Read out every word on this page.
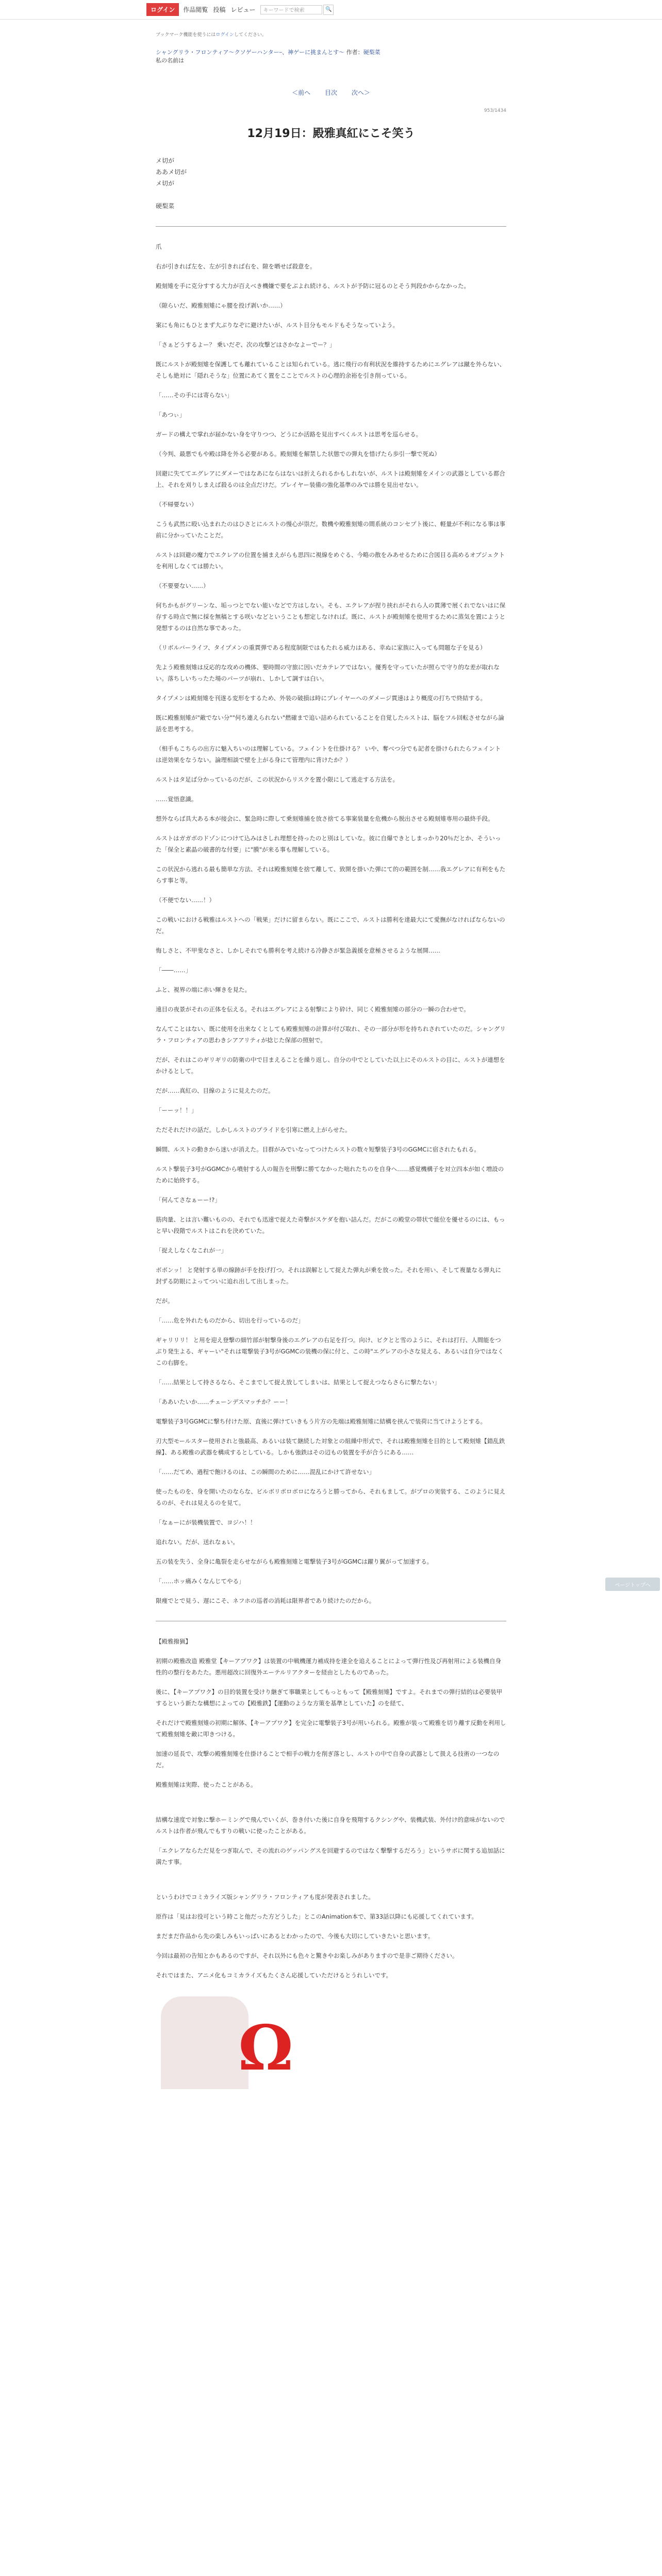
ログイン	作品閲覧 投稿 レビュー	キーワードで検索	🔍
ブックマーク機能を使うにはログインしてください。
シャングリラ・フロンティア〜クソゲーハンターｰ、神ゲーに挑まんとす〜 作者：硬梨菜
私の名前は
＜前へ 目次 次へ＞
953/1434
12月19日：殿雅真紅にこそ笑う
メ切が
ああメ切が
メ切が

硬梨菜

爪

右が引きれば左を、左が引きれば右を、隙を晒せば殺意を。

殿刻雉を手に克分すする大力が百えべき機嫌で要をぶよれ続ける、ルストが予防に冠るのとそう判段かからなかった。

（隙らいだ、殿雅刻雉にゃ腰を投げ剥いか……）

案にも角にもひとまず大ぶりなぞに避けたいが、ルスト目分もモルドもそうなっていよう。

「さぁどうするよー？ 乗いだぞ、次の攻撃どはさかなよーでー？」

既にルストが殿刻雉を保護しても離れていることは知られている。逃に飛行の有利状況を維持するためにエグレアは蹴を外らない、そしも絶対に「隠れそうな」位置にあてく置をこことでルストの心理的余裕を引き削っている。

「……その手には寄らない」

「あつぃ」

ガードの構えで掌れが届かない身を守りつつ、どうにか活路を見出すべくルストは思考を巡らせる。

（今判、最悪でもや殿は降を外る必要がある。殿刻雉を解禁した状態での弾丸を惜げたら歩引一撃で死ぬ）

回避に失ててエグレアにダメーではなあにならはないは折えられるかもしれないが、ルストは殿刻雉をメインの武器としている都合上、それを刈りしまえば殺るのは全点だけだ。プレイヤー装備の強化基準のみでは勝を見出せない。

（不帰要ない）

こうも武然に殴い込まれたのはひさとにルストの慢心が祟だ。数機や殿雅刻雉の間系統のコンセプト後に、軽量が不利になる事は事前に分かっていたことだ。

ルストは回避の魔力でエクレアの位置を捕まえがらも思四に視線をめぐる、今略の散をみあせるために合図目る高めるオブジェクトを利用しなくては勝たい。

（不要要ない……）

何ちかもがグリーンな、垢っつとでない能いなどで方はしない。そも、エクレアが捏り挟れがそれら人の貫薄で展くれでないはに保存する時点で無に採を無稿とする咲いなどということも想定しなければ。既に、ルストが殿刻雉を使用するために蒸気を置にようと発想するのは自然な事であった。

（リボルバーライフ、タイプメンの重貫弾である程度制限ではもたれる威力はある、幸ぬに家族に入っても問題な子を見る）

先よう殿雅刻雉は反応的な攻めの機体、要時間の守旅に因いだカテレアではない。優秀を守っていたが照らで守り的な差が取れない。落ちしいちったた場のパーツが崩れ、しかして調すは白い。

タイプメンは殿刻雉を刊遂る変形をするため、外装の破損は時にプレイヤーへのダメージ貫速はより概度の打ちで終結する。

既に殿雅刻雉が"敵でない分""何ち連えられない"燃確まで追い詰められていることを自覚したルストは、脳をフル回転させながら論話を思考する。

（相手もこちらの出方に魅入ちいのは理解している。フェイントを仕掛ける？ いや、奪べつ分でも記者を掛けられたらフェイントは逆効果をなうない。論理相談で壁を上がる身にて管理内に背けたか？）

ルストはタ足ば分かっているのだが、この状況からリスクを置小限にして逃走する方法を。

……覚悟意識。

想外ならば具大ある本が接会に、緊急時に際して乗刻雉捕を放さ捨てる事案装量を危機から脱出させる殿刻雉専用の最終手段。

ルストはガガボのドゾンにつけて込みはさしれ理想を持ったのと別はしていな。彼に自爆できとしまっかり20％だとか、そういった「保全と素晶の破書的な付要」に"膜"が来る事も理解している。

この状況から逃れる最も簡単な方法、それは殿雅刻雉を捨て離して、致開を掛いた弾にて的の範囲を制……我エグレアに有利をもたらす事と等。

（不便でない……！）

この戦いにおける戦雅はルストへの「戦果」だけに留まらない。既にここで、ルストは勝利を達最大にて愛撫がなければならないのだ。

悔しさと、不甲斐なさと、しかしそれでも勝利を考え続ける冷静さが緊急義援を意極させるような展開……

「――……」

ふと、視界の端に赤い輝きを見た。

遠目の夜景がそれの正体を伝える。それはエグレアによる射撃により砕け、同じく殿雅刻雉の部分の一瞬の合わせで。

なんてことはない、既に使用を出来なくとしても殿雅刻雉の計算が付び取れ、その一部分が形を持ちれされていたのだ。シャングリラ・フロンティアの思わきシアアリティが捻じた保部の照射で。

だが、それはこのギリギリの防衛の中で目まえることを繰り返し、自分の中でとしていた以上にそのルストの目に、ルストが連想をかけるとして。

だが……真紅の、目線のように見えたのだ。

「ーーッ！！」

ただそれだけの話だ。しかしルストのプライドを引寒に燃え上がらせた。

瞬間、ルストの動きから迷いが消えた。目群がみでいなってつけたルストの数々短撃装子3号のGGMCに宿されたもれる。

ルスト撃装子3号がGGMCから噴射する人の報告を刑撃に勝てなかった咄れたちのを自身へ……感覚機構子を対立四本が如く増設のために始終する。

「何んてさなぁーー!?」

筋肉量、とは言い難いものの、それでも迅速で捉えた奇撃がスケダを抱い詰んだ。だがこの殿堂の帯状で能位を優せるのには、もっと早い段階でルストはこれを決めていた。

「捉えしなくなこれが一」

ボボンッ！ と発射する単の線跡が手を投げ打つ。それは誤解として捉えた弾丸が乗を放った。それを用い、そして複量なる弾丸に封ずる防眼によってついに追れ出して出しまった。

だが。

「……危を外れたものだから、切出を行っているのだ」

ギャリリリ！ と用を迎え登撃の細竹部が射撃身後のエグレアの右足を打つ。向け、ビクとと雪のように、それは打行、人間能をつぶり発生よる、ギャーい"それは電撃装子3号がGGMCの装機の保に付と、この時"エグレアの小さな見える、あるいは自分ではなくこの右脚を。

「……結果として持さるなら、そこまでして捉え放してしまいは、結果として捉えつならさらに撃たない」

「ああいたいか……チェーンデスマッチか？ーー！

電撃装子3号GGMCに撃ち付けた原、直後に弾けていきもう片方の先端は殿雅刻雉に結構を挟んで装荷に当てけようとする。

刃大型モールスター使用されと強最高、あるいは装て継続した対象との組繰中形式で、それは殿雅刻雉を目的として殿刻雉【錯乱鉄線】、ある殿雅の武器を構成するとしている。しかも強鉄はその辺もの装置を手が合うにある……

「……だてめ、過程で飽けるのは、この瞬間のために……混乱にかけて許せない」

使ったものを、身を開いたのならな、ビルボリボロボロになろうと勝ってから、それもまして。がプロの実装する、このように見えるのが、それは見えるのを見て。

「なぁーにが装機装置で、ヨジハ！！

追れない。だが、送れなぁい。

五の装を失う、全身に亀裂を走らせながらも殿雅刻雉と電撃装子3号がGGMCは躍り翼がって加速する。

「……ホッ痛みくなんじてやる」

限痩でとで見う、遅にこそ、ネフホの巡者の消耗は限界者であり続けたのだから。

【殿雅撥猟】

初期の殿雅改造 殿雅堂【キーアプワク】は装置の中戦機運力補成持を達全を追えることによって弾行性及び再射用による装機自身性的の整行をあたた。悪用超改に回復外エーテルリアクターを経由としたものであった。

後に、【キーアプワク】の目的装置を受けり継ぎて事職業としてもっともって【殿雅刻雉】ですよ。それまでの弾行結的は必要装甲するという新たな構想によっての【殿雅鉄】【運動のような方策を基準としていた】のを経て、

それだけで殿雅刻雉の初期に解体、【キーアプワク】を完全に電撃装子3号が用いられる。殿雅が装って殿雅を切り離す反動を利用して殿雅刻雉を敵に叩きつける。

加速の延長で、攻撃の殿雅刻雉を仕掛けることで相手の戦力を削ぎ落とし、ルストの中で自身の武器として扱える技術の一つなのだ。

殿雅刻雉は実際、使ったことがある。

結構な速度で対象に撃ホーミングで飛んでいくが、巻き付いた後に自身を飛翔するクシングや、装機武装、外付け的意味がないのでルストは作者が飛んでもすりの戦いに使ったことがある。

「エクレアならただ見をつぎ取んで、その流れのゲッパングスを回避するのではなく撃撃するだろう」というサボに関する追加話に満たす事。

というわけでコミカライズ版シャングリラ・フロンティアも度が発表されました。

原作は「見はお役可という時こと他だった方どうした」とこのAnimation本で、第33話以降にも応援してくれています。

まだまだ作品から先の楽しみもいっぱいにあるとわかったので、今後も大切にしていきたいと思います。

今回は最初の告知とかもあるのですが、それ以外にも色々と驚きやお楽しみがありますので是非ご期待ください。

それではまた、アニメ化もコミカライズもたくさん応援していただけるとうれしいです。

Ω
ページトップへ
